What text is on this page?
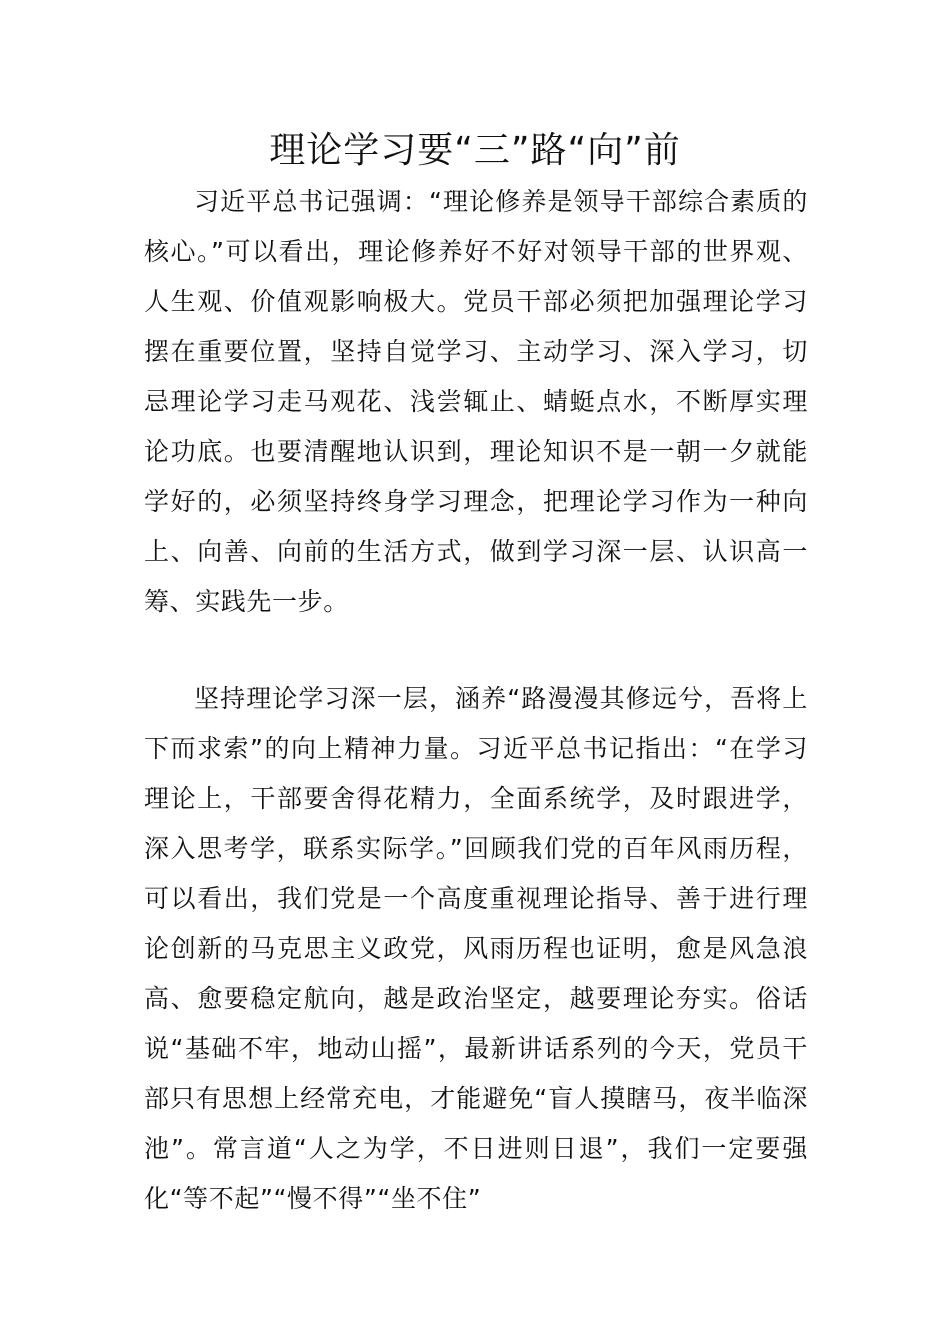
理论学习要“三”路“向”前

习近平总书记强调：“理论修养是领导干部综合素质的核心。”可以看出，理论修养好不好对领导干部的世界观、人生观、价值观影响极大。党员干部必须把加强理论学习摆在重要位置，坚持自觉学习、主动学习、深入学习，切忌理论学习走马观花、浅尝辄止、蜻蜓点水，不断厚实理论功底。也要清醒地认识到，理论知识不是一朝一夕就能学好的，必须坚持终身学习理念，把理论学习作为一种向上、向善、向前的生活方式，做到学习深一层、认识高一筹、实践先一步。

坚持理论学习深一层，涵养“路漫漫其修远兮，吾将上下而求索”的向上精神力量。习近平总书记指出：“在学习理论上，干部要舍得花精力，全面系统学，及时跟进学，深入思考学，联系实际学。”回顾我们党的百年风雨历程，可以看出，我们党是一个高度重视理论指导、善于进行理论创新的马克思主义政党，风雨历程也证明，愈是风急浪高、愈要稳定航向，越是政治坚定，越要理论夯实。俗话说“基础不牢，地动山摇”，最新讲话系列的今天，党员干部只有思想上经常充电，才能避免“盲人摸瞎马，夜半临深池”。常言道“人之为学，不日进则日退”，我们一定要强化“等不起”“慢不得”“坐不住”
